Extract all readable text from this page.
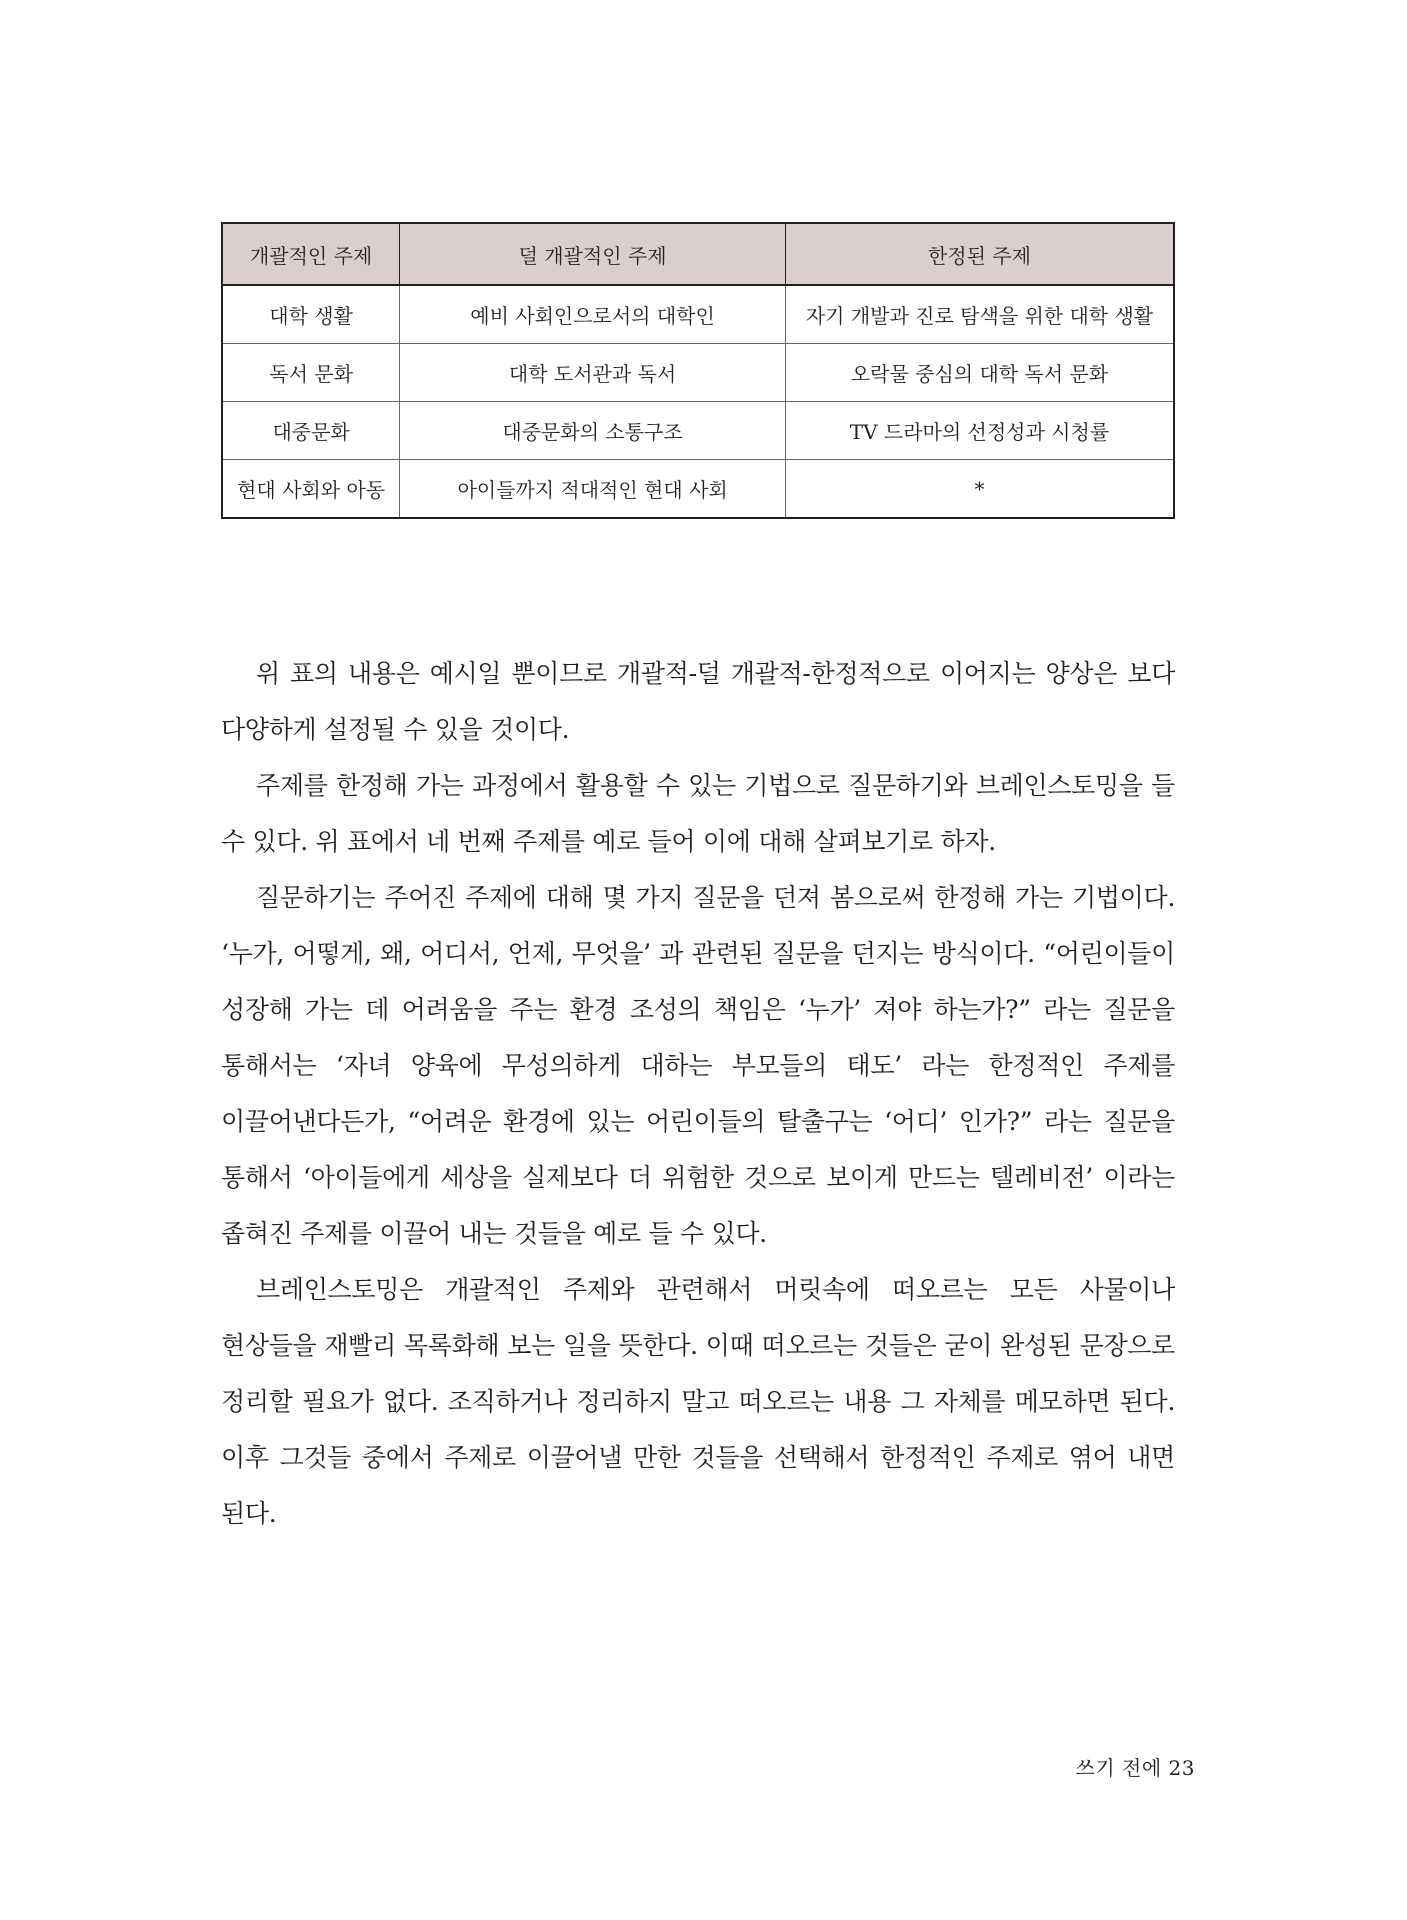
개괄적인 주제	덜 개괄적인 주제	한정된 주제
대학 생활	예비 사회인으로서의 대학인	자기 개발과 진로 탐색을 위한 대학 생활
독서 문화	대학 도서관과 독서	오락물 중심의 대학 독서 문화
대중문화	대중문화의 소통구조	TV 드라마의 선정성과 시청률
현대 사회와 아동	아이들까지 적대적인 현대 사회	*

위 표의 내용은 예시일 뿐이므로 개괄적-덜 개괄적-한정적으로 이어지는 양상은 보다 다양하게 설정될 수 있을 것이다.

주제를 한정해 가는 과정에서 활용할 수 있는 기법으로 질문하기와 브레인스토밍을 들 수 있다. 위 표에서 네 번째 주제를 예로 들어 이에 대해 살펴보기로 하자.

질문하기는 주어진 주제에 대해 몇 가지 질문을 던져 봄으로써 한정해 가는 기법이다. ‘누가, 어떻게, 왜, 어디서, 언제, 무엇을’ 과 관련된 질문을 던지는 방식이다. “어린이들이 성장해 가는 데 어려움을 주는 환경 조성의 책임은 ‘누가’ 져야 하는가?” 라는 질문을 통해서는 ‘자녀 양육에 무성의하게 대하는 부모들의 태도’ 라는 한정적인 주제를 이끌어낸다든가, “어려운 환경에 있는 어린이들의 탈출구는 ‘어디’ 인가?” 라는 질문을 통해서 ‘아이들에게 세상을 실제보다 더 위험한 것으로 보이게 만드는 텔레비전’ 이라는 좁혀진 주제를 이끌어 내는 것들을 예로 들 수 있다.

브레인스토밍은 개괄적인 주제와 관련해서 머릿속에 떠오르는 모든 사물이나 현상들을 재빨리 목록화해 보는 일을 뜻한다. 이때 떠오르는 것들은 굳이 완성된 문장으로 정리할 필요가 없다. 조직하거나 정리하지 말고 떠오르는 내용 그 자체를 메모하면 된다. 이후 그것들 중에서 주제로 이끌어낼 만한 것들을 선택해서 한정적인 주제로 엮어 내면 된다.

쓰기 전에 23
